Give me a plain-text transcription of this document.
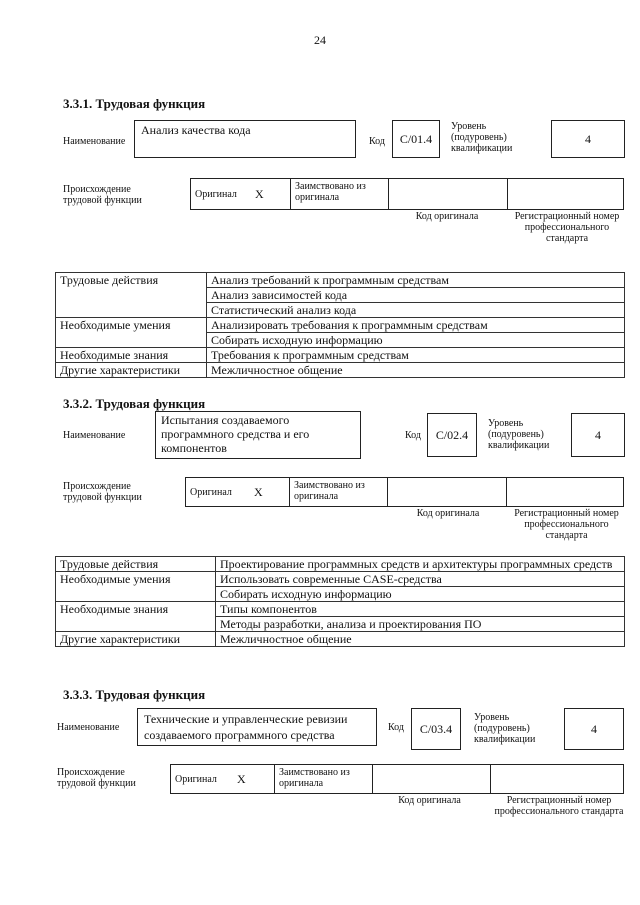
24
3.3.1. Трудовая функция
Наименование
Анализ качества кода
Код C/01.4
Уровень (подуровень) квалификации
4
Происхождение трудовой функции
Оригинал X
Заимствовано из оригинала
Код оригинала	Регистрационный номер профессионального стандарта
Трудовые действия	Анализ требований к программным средствам
	Анализ зависимостей кода
	Статистический анализ кода
Необходимые умения	Анализировать требования к программным средствам
	Собирать исходную информацию
Необходимые знания	Требования к программным средствам
Другие характеристики	Межличностное общение
3.3.2. Трудовая функция
Наименование
Испытания создаваемого программного средства и его компонентов
Код C/02.4
Уровень (подуровень) квалификации
4
Происхождение трудовой функции	Оригинал X	Заимствовано из оригинала
Код оригинала	Регистрационный номер профессионального стандарта
Трудовые действия	Проектирование программных средств и архитектуры программных средств
Необходимые умения	Использовать современные CASE-средства
	Собирать исходную информацию
Необходимые знания	Типы компонентов
	Методы разработки, анализа и проектирования ПО
Другие характеристики	Межличностное общение
3.3.3. Трудовая функция
Наименование
Технические и управленческие ревизии создаваемого программного средства
Код C/03.4
Уровень (подуровень) квалификации
4
Происхождение трудовой функции	Оригинал X	Заимствовано из оригинала
Код оригинала	Регистрационный номер профессионального стандарта
